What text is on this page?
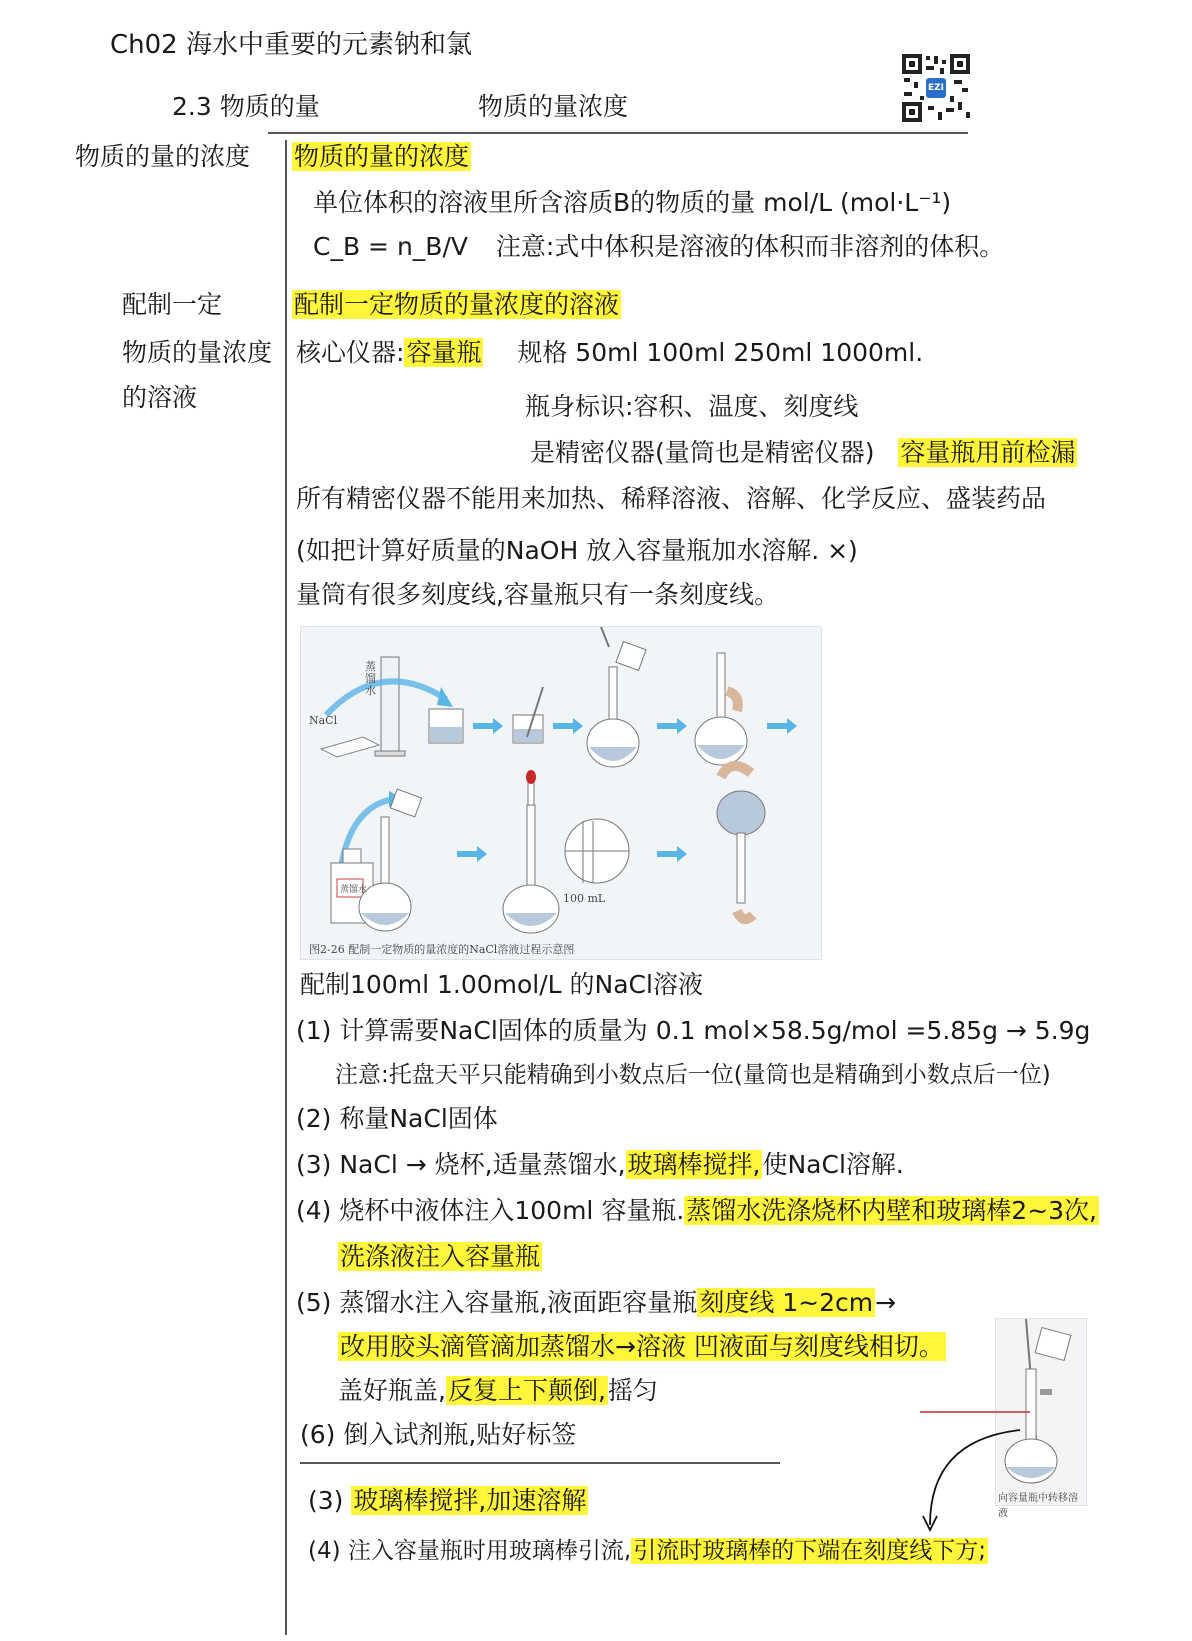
Ch02 海水中重要的元素钠和氯
2.3 物质的量	物质的量浓度
EZI
物质的量的浓度
配制一定
物质的量浓度
的溶液
物质的量的浓度
单位体积的溶液里所含溶质B的物质的量 mol/L (mol·L⁻¹)
C_B = n_B/V 注意:式中体积是溶液的体积而非溶剂的体积。
配制一定物质的量浓度的溶液
核心仪器:容量瓶 规格 50ml 100ml 250ml 1000ml.
瓶身标识:容积、温度、刻度线
是精密仪器(量筒也是精密仪器) 容量瓶用前检漏
所有精密仪器不能用来加热、稀释溶液、溶解、化学反应、盛装药品
(如把计算好质量的NaOH 放入容量瓶加水溶解. ×)
量筒有很多刻度线,容量瓶只有一条刻度线。
NaCl
蒸馏水
蒸馏水
100 mL
图2-26 配制一定物质的量浓度的NaCl溶液过程示意图
配制100ml 1.00mol/L 的NaCl溶液
(1) 计算需要NaCl固体的质量为 0.1 mol×58.5g/mol =5.85g → 5.9g
注意:托盘天平只能精确到小数点后一位(量筒也是精确到小数点后一位)
(2) 称量NaCl固体
(3) NaCl → 烧杯,适量蒸馏水,玻璃棒搅拌,使NaCl溶解.
(4) 烧杯中液体注入100ml 容量瓶.蒸馏水洗涤烧杯内壁和玻璃棒2~3次,
洗涤液注入容量瓶
(5) 蒸馏水注入容量瓶,液面距容量瓶刻度线 1~2cm→
改用胶头滴管滴加蒸馏水→溶液 凹液面与刻度线相切。
盖好瓶盖,反复上下颠倒,摇匀
(6) 倒入试剂瓶,贴好标签
(3) 玻璃棒搅拌,加速溶解
(4) 注入容量瓶时用玻璃棒引流,引流时玻璃棒的下端在刻度线下方;
向容量瓶中转移溶液
